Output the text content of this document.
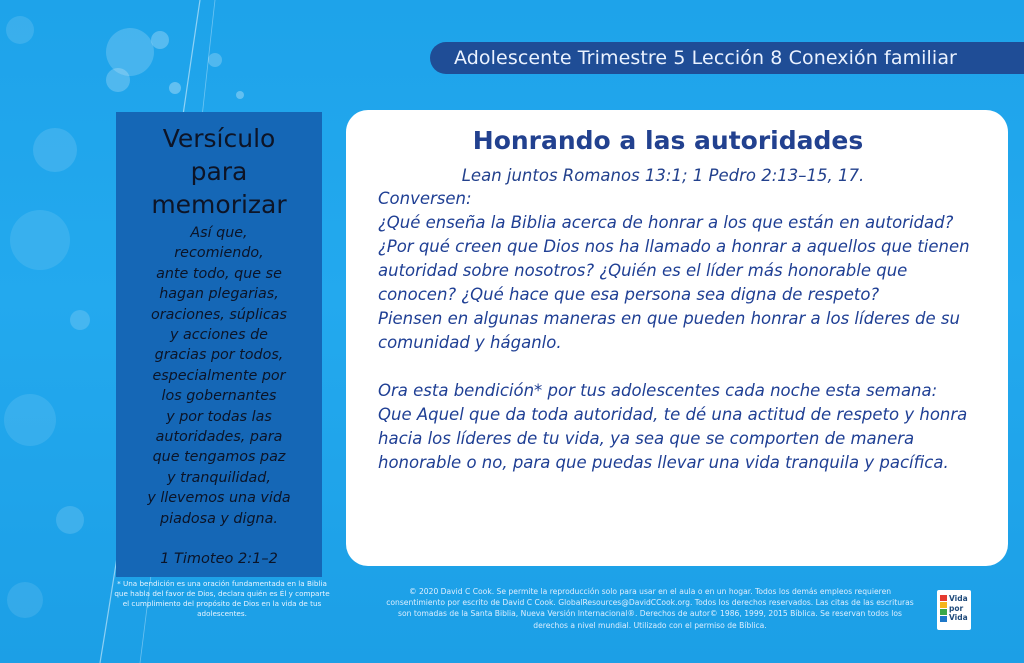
Adolescente Trimestre 5 Lección 8 Conexión familiar
Versículo
para
memorizar
Así que,
recomiendo,
ante todo, que se
hagan plegarias,
oraciones, súplicas
y acciones de
gracias por todos,
especialmente por
los gobernantes
y por todas las
autoridades, para
que tengamos paz
y tranquilidad,
y llevemos una vida
piadosa y digna.
1 Timoteo 2:1–2
* Una bendición es una oración fundamentada en la Biblia que habla del favor de Dios, declara quién es Él y comparte el cumplimiento del propósito de Dios en la vida de tus adolescentes.
Honrando a las autoridades
Lean juntos Romanos 13:1; 1 Pedro 2:13–15, 17.

Conversen:

¿Qué enseña la Biblia acerca de honrar a los que están en autoridad?

¿Por qué creen que Dios nos ha llamado a honrar a aquellos que tienen autoridad sobre nosotros? ¿Quién es el líder más honorable que conocen? ¿Qué hace que esa persona sea digna de respeto?

Piensen en algunas maneras en que pueden honrar a los líderes de su comunidad y háganlo.

Ora esta bendición* por tus adolescentes cada noche esta semana:

Que Aquel que da toda autoridad, te dé una actitud de respeto y honra hacia los líderes de tu vida, ya sea que se comporten de manera honorable o no, para que puedas llevar una vida tranquila y pacífica.

© 2020 David C Cook. Se permite la reproducción solo para usar en el aula o en un hogar. Todos los demás empleos requieren consentimiento por escrito de David C Cook. GlobalResources@DavidCCook.org. Todos los derechos reservados. Las citas de las escrituras son tomadas de la Santa Biblia, Nueva Versión Internacional®. Derechos de autor© 1986, 1999, 2015 Bíblica. Se reservan todos los derechos a nivel mundial. Utilizado con el permiso de Bíblica.
Vida
por
Vida
